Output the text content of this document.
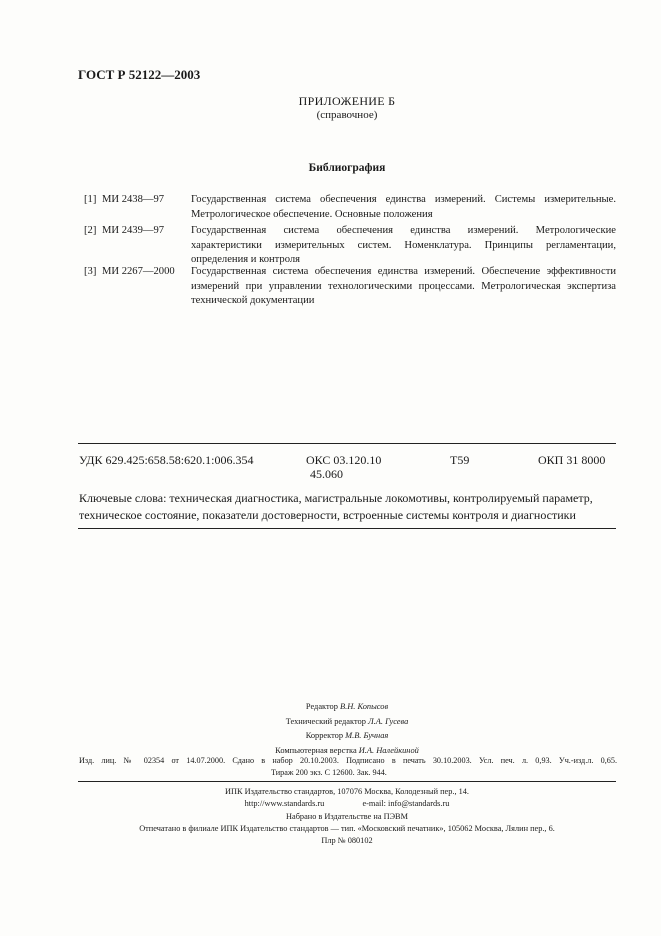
ГОСТ Р 52122—2003
ПРИЛОЖЕНИЕ Б
(справочное)
Библиография
[1] МИ 2438—97	Государственная система обеспечения единства измерений. Системы измерительные. Метрологическое обеспечение. Основные положения
[2] МИ 2439—97	Государственная система обеспечения единства измерений. Метрологические характеристики измерительных систем. Номенклатура. Принципы регламентации, определения и контроля
[3] МИ 2267—2000	Государственная система обеспечения единства измерений. Обеспечение эффективности измерений при управлении технологическими процессами. Метрологическая экспертиза технической документации
УДК 629.425:658.58:620.1:006.354	ОКС 03.120.10
45.060
Т59	ОКП 31 8000
Ключевые слова: техническая диагностика, магистральные локомотивы, контролируемый параметр, техническое состояние, показатели достоверности, встроенные системы контроля и диагностики
Редактор В.Н. Копысов
Технический редактор Л.А. Гусева
Корректор М.В. Бучная
Компьютерная верстка И.А. Налейкиной
Изд. лиц. № 02354 от 14.07.2000. Сдано в набор 20.10.2003. Подписано в печать 30.10.2003. Усл. печ. л. 0,93. Уч.-изд.л. 0,65.
Тираж 200 экз. С 12600. Зак. 944.
ИПК Издательство стандартов, 107076 Москва, Колодезный пер., 14.
http://www.standards.ru	e-mail: info@standards.ru
Набрано в Издательстве на ПЭВМ
Отпечатано в филиале ИПК Издательство стандартов — тип. «Московский печатник», 105062 Москва, Лялин пер., 6.
Плр № 080102
